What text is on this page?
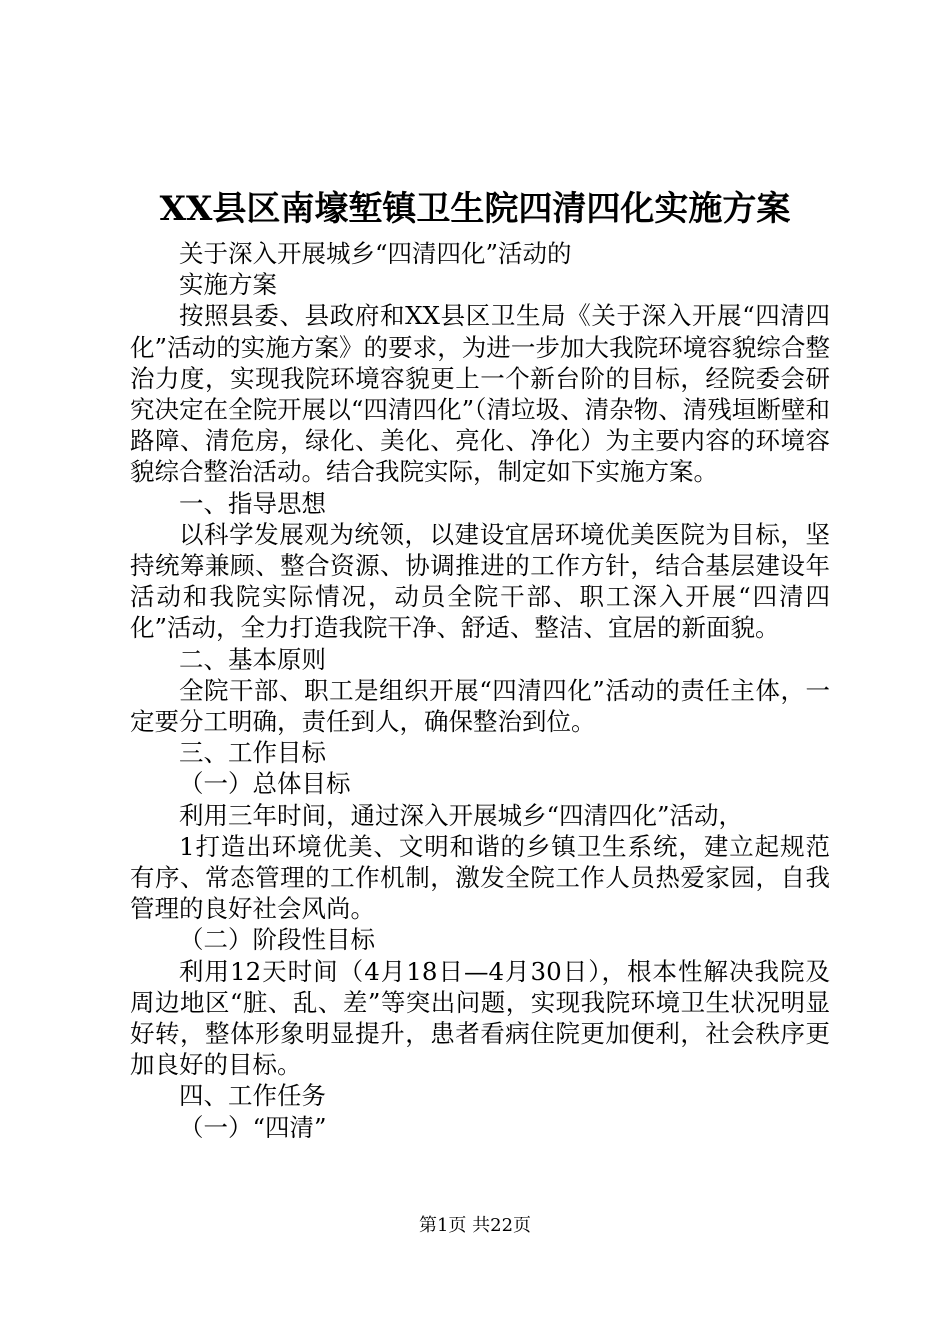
XX县区南壕堑镇卫生院四清四化实施方案

关于深入开展城乡“四清四化”活动的

实施方案

按照县委、县政府和XX县区卫生局《关于深入开展“四清四化”活动的实施方案》的要求，为进一步加大我院环境容貌综合整治力度，实现我院环境容貌更上一个新台阶的目标，经院委会研究决定在全院开展以“四清四化”（清垃圾、清杂物、清残垣断壁和路障、清危房，绿化、美化、亮化、净化）为主要内容的环境容貌综合整治活动。结合我院实际，制定如下实施方案。

一、指导思想

以科学发展观为统领，以建设宜居环境优美医院为目标，坚持统筹兼顾、整合资源、协调推进的工作方针，结合基层建设年活动和我院实际情况，动员全院干部、职工深入开展“四清四化”活动，全力打造我院干净、舒适、整洁、宜居的新面貌。

二、基本原则

全院干部、职工是组织开展“四清四化”活动的责任主体，一定要分工明确，责任到人，确保整治到位。

三、工作目标

（一）总体目标

利用三年时间，通过深入开展城乡“四清四化”活动，

1打造出环境优美、文明和谐的乡镇卫生系统，建立起规范有序、常态管理的工作机制，激发全院工作人员热爱家园，自我管理的良好社会风尚。

（二）阶段性目标

利用12天时间（4月18日—4月30日），根本性解决我院及周边地区“脏、乱、差”等突出问题，实现我院环境卫生状况明显好转，整体形象明显提升，患者看病住院更加便利，社会秩序更加良好的目标。

四、工作任务

（一）“四清”

第1页 共22页
